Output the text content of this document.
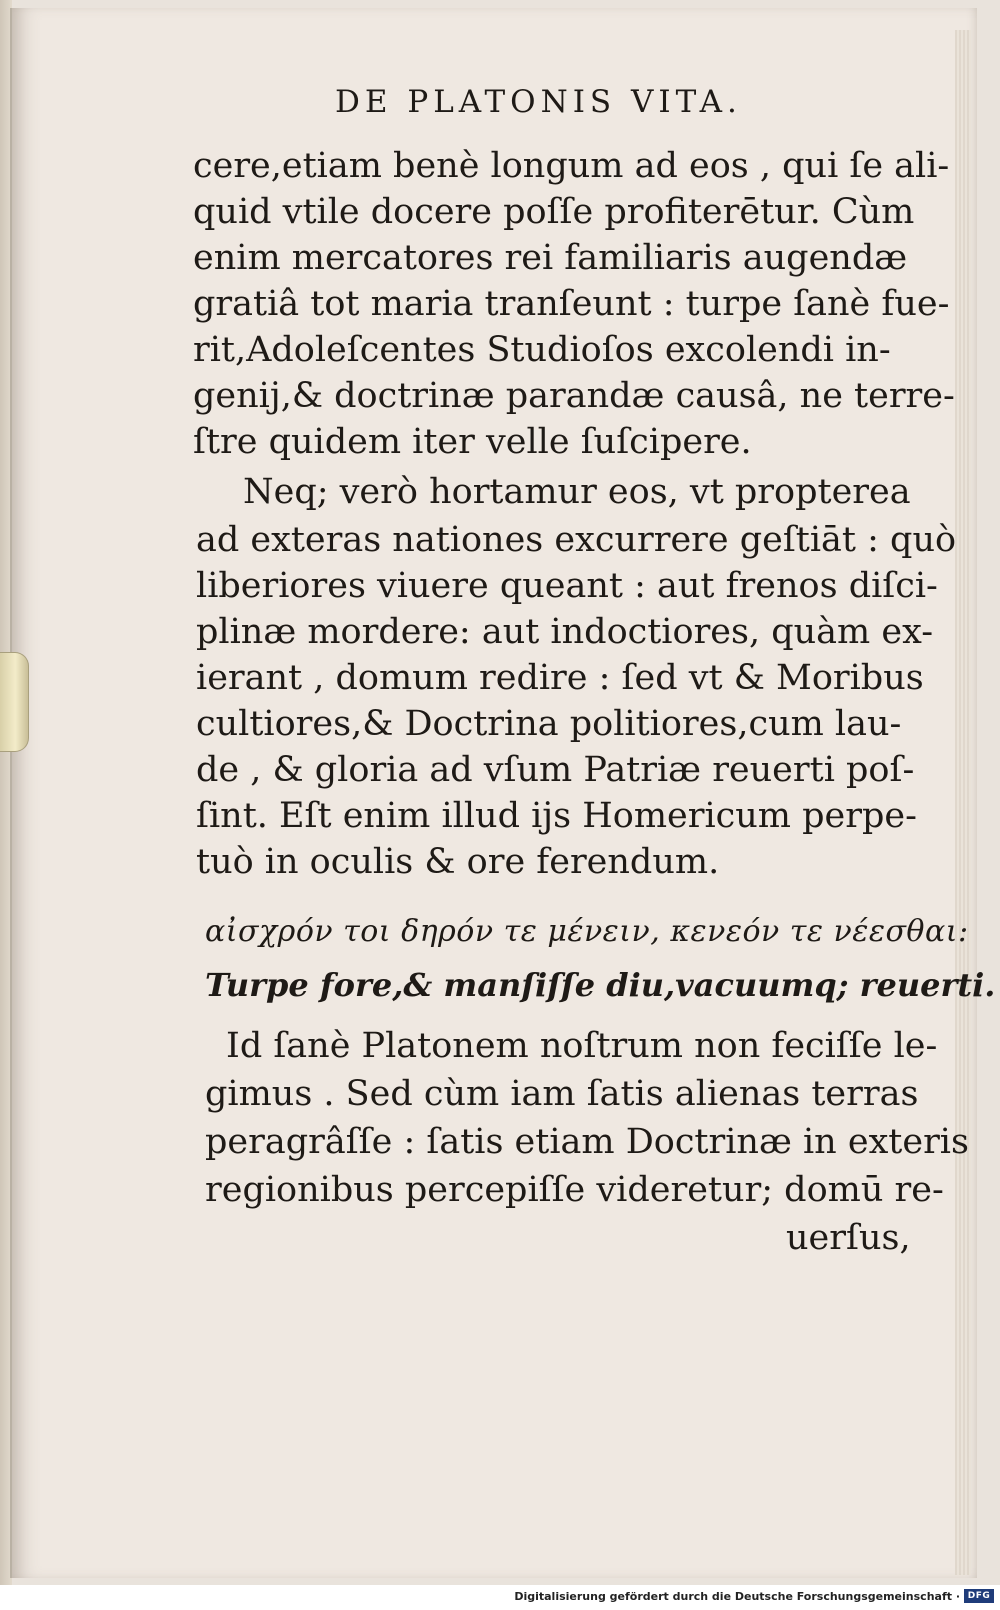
DE PLATONIS VITA.
cere,etiam benè longum ad eos , qui ſe ali-
quid vtile docere poſſe profiterētur. Cùm
enim mercatores rei familiaris augendæ
gratiâ tot maria tranſeunt : turpe ſanè fue-
rit,Adoleſcentes Studioſos excolendi in-
genij,& doctrinæ parandæ causâ, ne terre-
ſtre quidem iter velle ſuſcipere.
Neq; verò hortamur eos, vt propterea
ad exteras nationes excurrere geſtiāt : quò
liberiores viuere queant : aut frenos diſci-
plinæ mordere: aut indoctiores, quàm ex-
ierant , domum redire : ſed vt & Moribus
cultiores,& Doctrina politiores,cum lau-
de , & gloria ad vſum Patriæ reuerti poſ-
ſint. Eſt enim illud ijs Homericum perpe-
tuò in oculis & ore ferendum.
αἰσχρόν τοι δηρόν τε μένειν, κενεόν τε νέεσθαι:
Turpe fore,& manſiſſe diu,vacuumq; reuerti.
Id ſanè Platonem noſtrum non feciſſe le-
gimus . Sed cùm iam ſatis alienas terras
peragrâſſe : ſatis etiam Doctrinæ in exteris
regionibus percepiſſe videretur; domū re-
uerſus,
Digitalisierung gefördert durch die Deutsche Forschungsgemeinschaft · DFG
